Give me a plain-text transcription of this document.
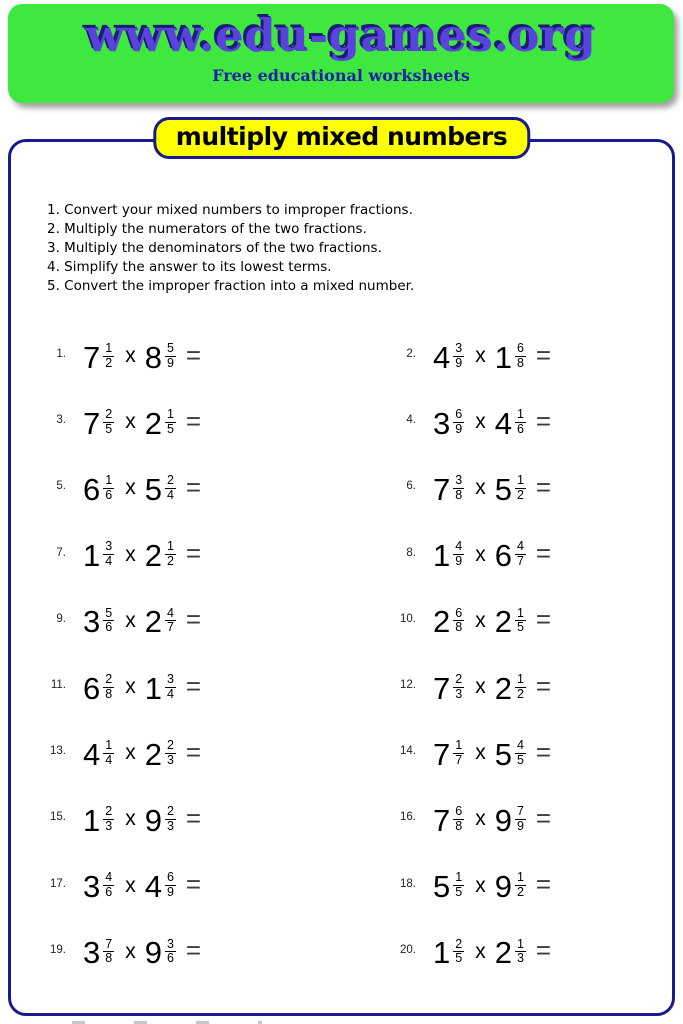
www.edu-games.org
Free educational worksheets
multiply mixed numbers
1. Convert your mixed numbers to improper fractions.
2. Multiply the numerators of the two fractions.
3. Multiply the denominators of the two fractions.
4. Simplify the answer to its lowest terms.
5. Convert the improper fraction into a mixed number.
1. $7 \frac{1}{2}$ x $8 \frac{5}{9}$ =	2. $4 \frac{3}{9}$ x $1 \frac{6}{8}$ =
3. $7 \frac{2}{5}$ x $2 \frac{1}{5}$ =	4. $3 \frac{6}{9}$ x $4 \frac{1}{6}$ =
5. $6 \frac{1}{6}$ x $5 \frac{2}{4}$ =	6. $7 \frac{3}{8}$ x $5 \frac{1}{2}$ =
7. $1 \frac{3}{4}$ x $2 \frac{1}{2}$ =	8. $1 \frac{4}{9}$ x $6 \frac{4}{7}$ =
9. $3 \frac{5}{6}$ x $2 \frac{4}{7}$ =	10. $2 \frac{6}{8}$ x $2 \frac{1}{5}$ =
11. $6 \frac{2}{8}$ x $1 \frac{3}{4}$ =	12. $7 \frac{2}{3}$ x $2 \frac{1}{2}$ =
13. $4 \frac{1}{4}$ x $2 \frac{2}{3}$ =	14. $7 \frac{1}{7}$ x $5 \frac{4}{5}$ =
15. $1 \frac{2}{3}$ x $9 \frac{2}{3}$ =	16. $7 \frac{6}{8}$ x $9 \frac{7}{9}$ =
17. $3 \frac{4}{6}$ x $4 \frac{6}{9}$ =	18. $5 \frac{1}{5}$ x $9 \frac{1}{2}$ =
19. $3 \frac{7}{8}$ x $9 \frac{3}{6}$ =	20. $1 \frac{2}{5}$ x $2 \frac{1}{3}$ =
